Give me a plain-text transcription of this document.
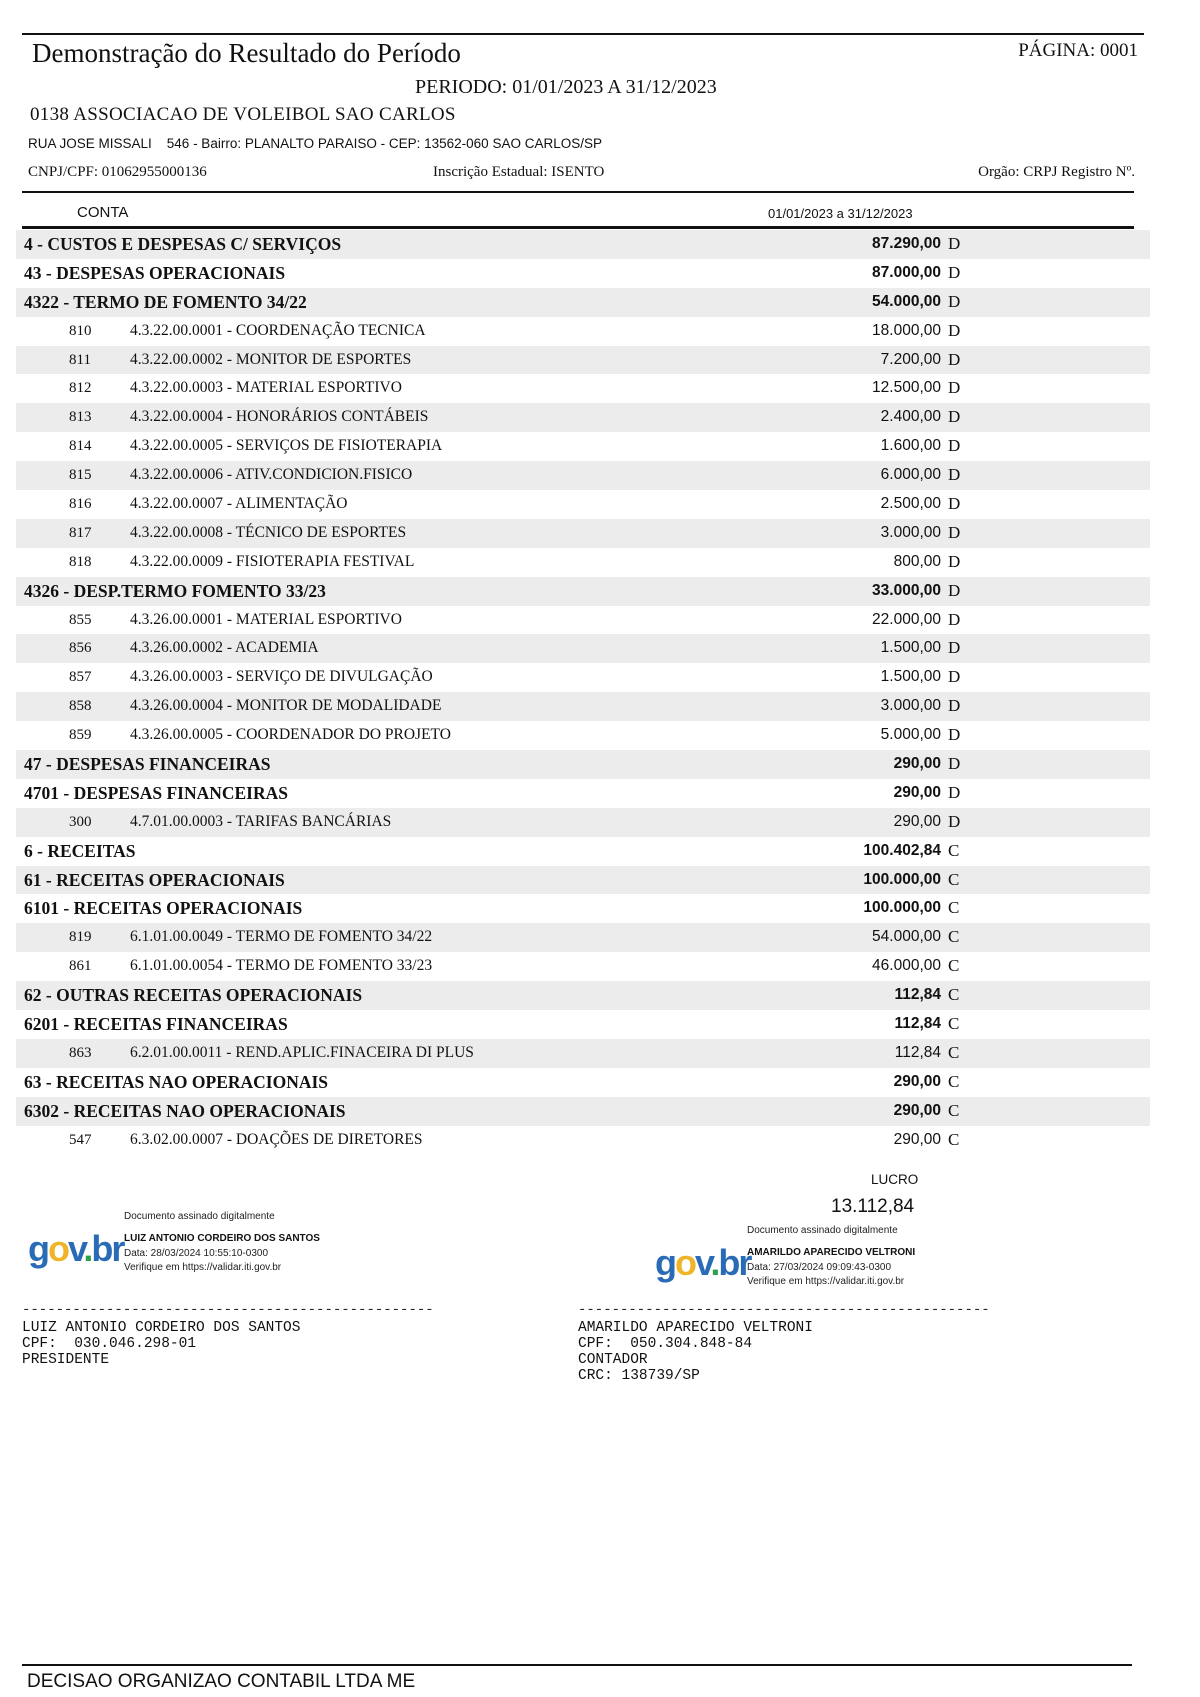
Demonstração do Resultado do Período	PÁGINA: 0001
PERIODO: 01/01/2023 A 31/12/2023
0138 ASSOCIACAO DE VOLEIBOL SAO CARLOS
RUA JOSE MISSALI    546 - Bairro: PLANALTO PARAISO - CEP: 13562-060 SAO CARLOS/SP
CNPJ/CPF: 01062955000136	Inscrição Estadual: ISENTO	Orgão: CRPJ Registro Nº.
CONTA	01/01/2023 a 31/12/2023
4 - CUSTOS E DESPESAS C/ SERVIÇOS	87.290,00 D
43 - DESPESAS OPERACIONAIS	87.000,00 D
4322 - TERMO DE FOMENTO 34/22	54.000,00 D
810 4.3.22.00.0001 - COORDENAÇÃO TECNICA	18.000,00 D
811	4.3.22.00.0002 - MONITOR DE ESPORTES	7.200,00 D
812 4.3.22.00.0003 - MATERIAL ESPORTIVO	12.500,00 D
813 4.3.22.00.0004 - HONORÁRIOS CONTÁBEIS	2.400,00 D
814 4.3.22.00.0005 - SERVIÇOS DE FISIOTERAPIA	1.600,00 D
815 4.3.22.00.0006 - ATIV.CONDICION.FISICO	6.000,00 D
816 4.3.22.00.0007 - ALIMENTAÇÃO	2.500,00 D
817 4.3.22.00.0008 - TÉCNICO DE ESPORTES	3.000,00 D
818 4.3.22.00.0009 - FISIOTERAPIA FESTIVAL	800,00 D
4326 - DESP.TERMO FOMENTO 33/23	33.000,00 D
855 4.3.26.00.0001 - MATERIAL ESPORTIVO	22.000,00 D
856 4.3.26.00.0002 - ACADEMIA	1.500,00 D
857 4.3.26.00.0003 - SERVIÇO DE DIVULGAÇÃO	1.500,00 D
858 4.3.26.00.0004 - MONITOR DE MODALIDADE	3.000,00 D
859 4.3.26.00.0005 - COORDENADOR DO PROJETO	5.000,00 D
47 - DESPESAS FINANCEIRAS	290,00 D
4701 - DESPESAS FINANCEIRAS	290,00 D
300 4.7.01.00.0003 - TARIFAS BANCÁRIAS	290,00 D
6 - RECEITAS	100.402,84 C
61 - RECEITAS OPERACIONAIS	100.000,00 C
6101 - RECEITAS OPERACIONAIS	100.000,00 C
819 6.1.01.00.0049 - TERMO DE FOMENTO 34/22	54.000,00 C
861 6.1.01.00.0054 - TERMO DE FOMENTO 33/23	46.000,00 C
62 - OUTRAS RECEITAS OPERACIONAIS	112,84 C
6201 - RECEITAS FINANCEIRAS	112,84 C
863 6.2.01.00.0011 - REND.APLIC.FINACEIRA DI PLUS	112,84 C
63 - RECEITAS NAO OPERACIONAIS	290,00 C
6302 - RECEITAS NAO OPERACIONAIS	290,00 C
547 6.3.02.00.0007 - DOAÇÕES DE DIRETORES	290,00 C
LUCRO
13.112,84
gov.br
Documento assinado digitalmente
LUIZ ANTONIO CORDEIRO DOS SANTOS
Data: 28/03/2024 10:55:10-0300
Verifique em https://validar.iti.gov.br	gov.br
Documento assinado digitalmente
AMARILDO APARECIDO VELTRONI
Data: 27/03/2024 09:09:43-0300
Verifique em https://validar.iti.gov.br
-------------------------------------------------
LUIZ ANTONIO CORDEIRO DOS SANTOS
CPF:  030.046.298-01
PRESIDENTE
-------------------------------------------------
AMARILDO APARECIDO VELTRONI
CPF:  050.304.848-84
CONTADOR
CRC: 138739/SP
DECISAO ORGANIZAO CONTABIL LTDA ME
